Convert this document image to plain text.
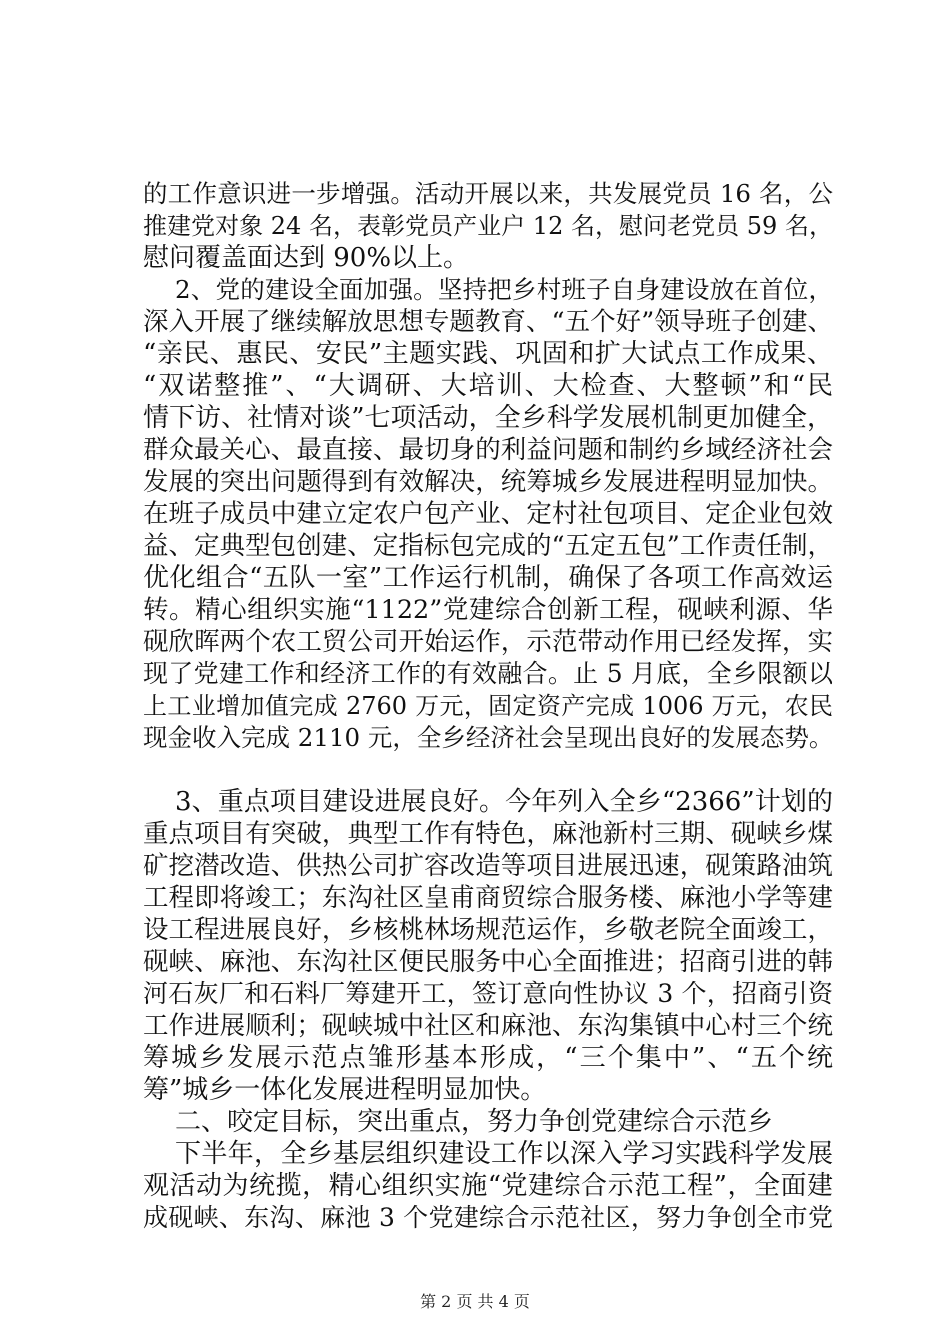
的工作意识进一步增强。活动开展以来，共发展党员 16 名，公
推建党对象 24 名，表彰党员产业户 12 名，慰问老党员 59 名，
慰问覆盖面达到 90%以上。
2、党的建设全面加强。坚持把乡村班子自身建设放在首位，
深入开展了继续解放思想专题教育、“五个好”领导班子创建、
“亲民、惠民、安民”主题实践、巩固和扩大试点工作成果、
“双诺整推”、“大调研、大培训、大检查、大整顿”和“民
情下访、社情对谈”七项活动，全乡科学发展机制更加健全，
群众最关心、最直接、最切身的利益问题和制约乡域经济社会
发展的突出问题得到有效解决，统筹城乡发展进程明显加快。
在班子成员中建立定农户包产业、定村社包项目、定企业包效
益、定典型包创建、定指标包完成的“五定五包”工作责任制，
优化组合“五队一室”工作运行机制，确保了各项工作高效运
转。精心组织实施“1122”党建综合创新工程，砚峡利源、华
砚欣晖两个农工贸公司开始运作，示范带动作用已经发挥，实
现了党建工作和经济工作的有效融合。止 5 月底，全乡限额以
上工业增加值完成 2760 万元，固定资产完成 1006 万元，农民
现金收入完成 2110 元，全乡经济社会呈现出良好的发展态势。
3、重点项目建设进展良好。今年列入全乡“2366”计划的
重点项目有突破，典型工作有特色，麻池新村三期、砚峡乡煤
矿挖潜改造、供热公司扩容改造等项目进展迅速，砚策路油筑
工程即将竣工；东沟社区皇甫商贸综合服务楼、麻池小学等建
设工程进展良好，乡核桃林场规范运作，乡敬老院全面竣工，
砚峡、麻池、东沟社区便民服务中心全面推进；招商引进的韩
河石灰厂和石料厂筹建开工，签订意向性协议 3 个，招商引资
工作进展顺利；砚峡城中社区和麻池、东沟集镇中心村三个统
筹城乡发展示范点雏形基本形成，“三个集中”、“五个统
筹”城乡一体化发展进程明显加快。
二、咬定目标，突出重点，努力争创党建综合示范乡
下半年，全乡基层组织建设工作以深入学习实践科学发展
观活动为统揽，精心组织实施“党建综合示范工程”，全面建
成砚峡、东沟、麻池 3 个党建综合示范社区，努力争创全市党
第 2 页 共 4 页
